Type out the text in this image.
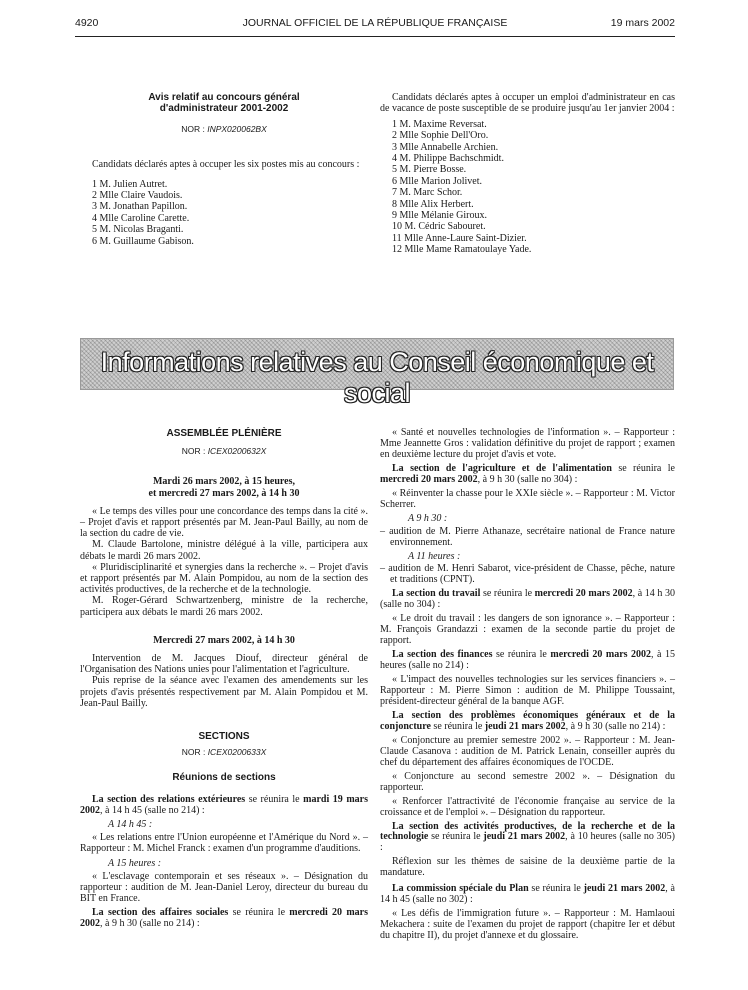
4920	JOURNAL OFFICIEL DE LA RÉPUBLIQUE FRANÇAISE	19 mars 2002

Avis relatif au concours général

d'administrateur 2001-2002

NOR : INPX020062BX

Candidats déclarés aptes à occuper les six postes mis au concours :

1 M. Julien Autret.

2 Mlle Claire Vaudois.

3 M. Jonathan Papillon.

4 Mlle Caroline Carette.

5 M. Nicolas Braganti.

6 M. Guillaume Gabison.

Candidats déclarés aptes à occuper un emploi d'administrateur en cas de vacance de poste susceptible de se produire jusqu'au 1er janvier 2004 :

1 M. Maxime Reversat.

2 Mlle Sophie Dell'Oro.

3 Mlle Annabelle Archien.

4 M. Philippe Bachschmidt.

5 M. Pierre Bosse.

6 Mlle Marion Jolivet.

7 M. Marc Schor.

8 Mlle Alix Herbert.

9 Mlle Mélanie Giroux.

10 M. Cédric Sabouret.

11 Mlle Anne-Laure Saint-Dizier.

12 Mlle Mame Ramatoulaye Yade.

Informations relatives au Conseil économique et social

ASSEMBLÉE PLÉNIÈRE

NOR : ICEX0200632X

Mardi 26 mars 2002, à 15 heures,

et mercredi 27 mars 2002, à 14 h 30

« Le temps des villes pour une concordance des temps dans la cité ». – Projet d'avis et rapport présentés par M. Jean-Paul Bailly, au nom de la section du cadre de vie.

M. Claude Bartolone, ministre délégué à la ville, participera aux débats le mardi 26 mars 2002.

« Pluridisciplinarité et synergies dans la recherche ». – Projet d'avis et rapport présentés par M. Alain Pompidou, au nom de la section des activités productives, de la recherche et de la technologie.

M. Roger-Gérard Schwartzenberg, ministre de la recherche, participera aux débats le mardi 26 mars 2002.

Mercredi 27 mars 2002, à 14 h 30

Intervention de M. Jacques Diouf, directeur général de l'Organisation des Nations unies pour l'alimentation et l'agriculture.

Puis reprise de la séance avec l'examen des amendements sur les projets d'avis présentés respectivement par M. Alain Pompidou et M. Jean-Paul Bailly.

SECTIONS

NOR : ICEX0200633X

Réunions de sections

La section des relations extérieures se réunira le mardi 19 mars 2002, à 14 h 45 (salle no 214) :

A 14 h 45 :

« Les relations entre l'Union européenne et l'Amérique du Nord ». – Rapporteur : M. Michel Franck : examen d'un programme d'auditions.

A 15 heures :

« L'esclavage contemporain et ses réseaux ». – Désignation du rapporteur : audition de M. Jean-Daniel Leroy, directeur du bureau du BIT en France.

La section des affaires sociales se réunira le mercredi 20 mars 2002, à 9 h 30 (salle no 214) :

« Santé et nouvelles technologies de l'information ». – Rapporteur : Mme Jeannette Gros : validation définitive du projet de rapport ; examen en deuxième lecture du projet d'avis et vote.

La section de l'agriculture et de l'alimentation se réunira le mercredi 20 mars 2002, à 9 h 30 (salle no 304) :

« Réinventer la chasse pour le XXIe siècle ». – Rapporteur : M. Victor Scherrer.

A 9 h 30 :

– audition de M. Pierre Athanaze, secrétaire national de France nature environnement.

A 11 heures :

– audition de M. Henri Sabarot, vice-président de Chasse, pêche, nature et traditions (CPNT).

La section du travail se réunira le mercredi 20 mars 2002, à 14 h 30 (salle no 304) :

« Le droit du travail : les dangers de son ignorance ». – Rapporteur : M. François Grandazzi : examen de la seconde partie du projet de rapport.

La section des finances se réunira le mercredi 20 mars 2002, à 15 heures (salle no 214) :

« L'impact des nouvelles technologies sur les services financiers ». – Rapporteur : M. Pierre Simon : audition de M. Philippe Toussaint, président-directeur général de la banque AGF.

La section des problèmes économiques généraux et de la conjoncture se réunira le jeudi 21 mars 2002, à 9 h 30 (salle no 214) :

« Conjoncture au premier semestre 2002 ». – Rapporteur : M. Jean-Claude Casanova : audition de M. Patrick Lenain, conseiller auprès du chef du département des affaires économiques de l'OCDE.

« Conjoncture au second semestre 2002 ». – Désignation du rapporteur.

« Renforcer l'attractivité de l'économie française au service de la croissance et de l'emploi ». – Désignation du rapporteur.

La section des activités productives, de la recherche et de la technologie se réunira le jeudi 21 mars 2002, à 10 heures (salle no 305) :

Réflexion sur les thèmes de saisine de la deuxième partie de la mandature.

La commission spéciale du Plan se réunira le jeudi 21 mars 2002, à 14 h 45 (salle no 302) :

« Les défis de l'immigration future ». – Rapporteur : M. Hamlaoui Mekachera : suite de l'examen du projet de rapport (chapitre Ier et début du chapitre II), du projet d'annexe et du glossaire.
